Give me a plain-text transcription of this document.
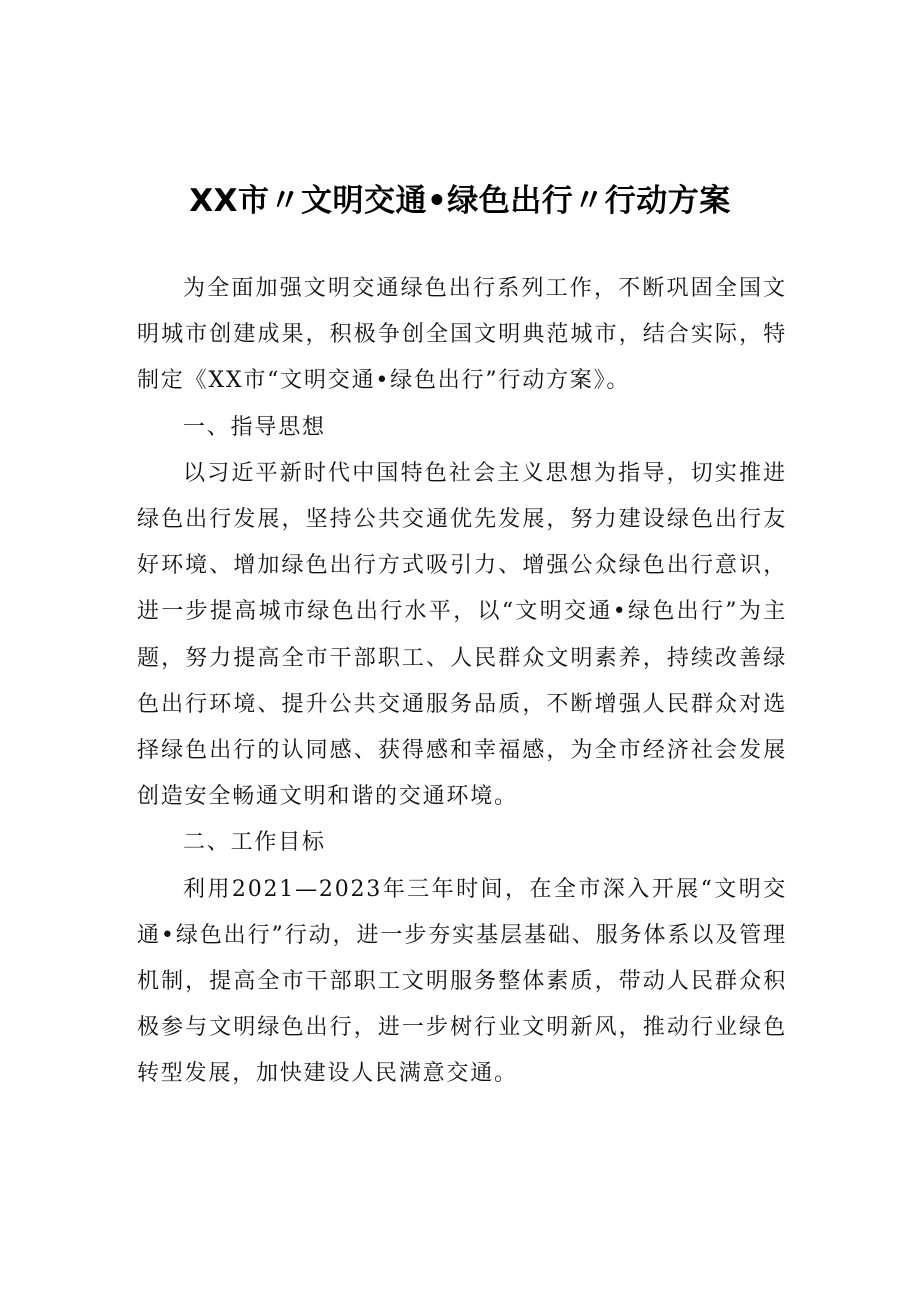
XX市〃文明交通•绿色出行〃行动方案

为全面加强文明交通绿色出行系列工作，不断巩固全国文明城市创建成果，积极争创全国文明典范城市，结合实际，特制定《XX市“文明交通•绿色出行”行动方案》。

一、指导思想

以习近平新时代中国特色社会主义思想为指导，切实推进绿色出行发展，坚持公共交通优先发展，努力建设绿色出行友好环境、增加绿色出行方式吸引力、增强公众绿色出行意识，进一步提高城市绿色出行水平，以“文明交通•绿色出行”为主题，努力提高全市干部职工、人民群众文明素养，持续改善绿色出行环境、提升公共交通服务品质，不断增强人民群众对选择绿色出行的认同感、获得感和幸福感，为全市经济社会发展创造安全畅通文明和谐的交通环境。

二、工作目标

利用2021—2023年三年时间，在全市深入开展“文明交通•绿色出行”行动，进一步夯实基层基础、服务体系以及管理机制，提高全市干部职工文明服务整体素质，带动人民群众积极参与文明绿色出行，进一步树行业文明新风，推动行业绿色转型发展，加快建设人民满意交通。
